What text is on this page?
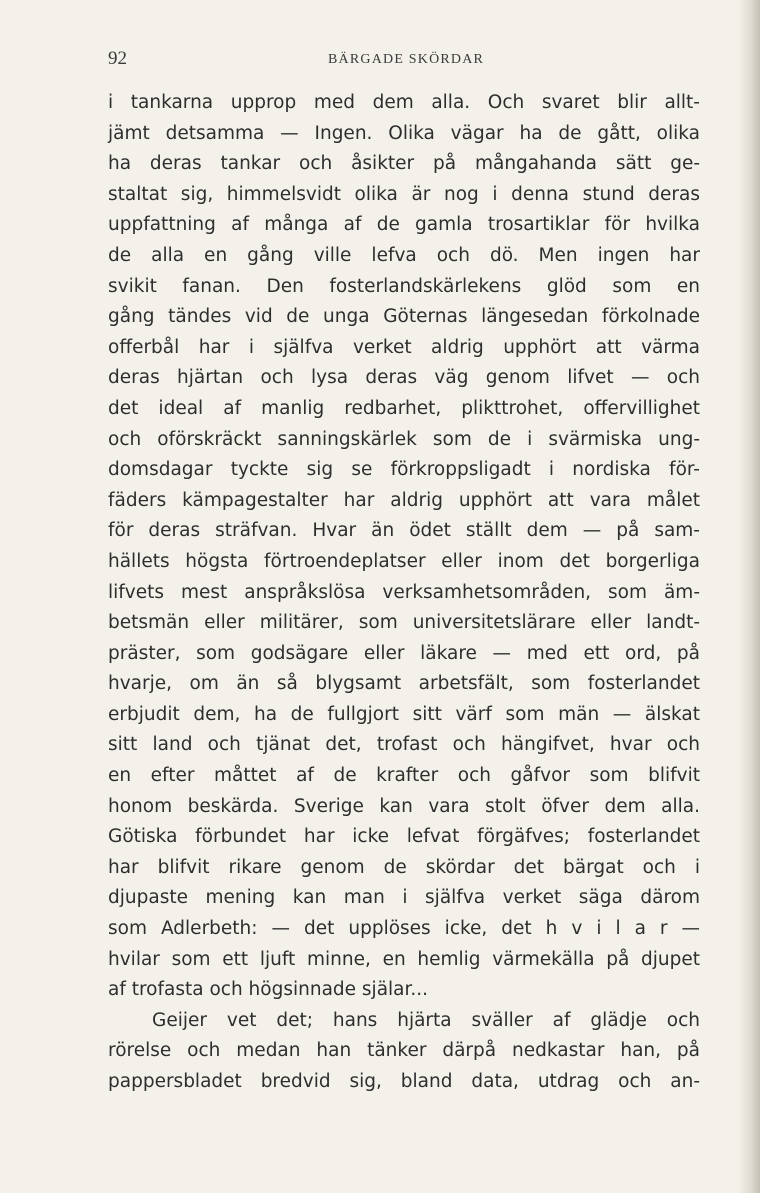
92	BÄRGADE SKÖRDAR
i tankarna upprop med dem alla. Och svaret blir allt-
jämt detsamma — Ingen. Olika vägar ha de gått, olika
ha deras tankar och åsikter på mångahanda sätt ge-
staltat sig, himmelsvidt olika är nog i denna stund deras
uppfattning af många af de gamla trosartiklar för hvilka
de alla en gång ville lefva och dö. Men ingen har
svikit fanan. Den fosterlandskärlekens glöd som en
gång tändes vid de unga Göternas längesedan förkolnade
offerbål har i själfva verket aldrig upphört att värma
deras hjärtan och lysa deras väg genom lifvet — och
det ideal af manlig redbarhet, plikttrohet, offervillighet
och oförskräckt sanningskärlek som de i svärmiska ung-
domsdagar tyckte sig se förkroppsligadt i nordiska för-
fäders kämpagestalter har aldrig upphört att vara målet
för deras sträfvan. Hvar än ödet ställt dem — på sam-
hällets högsta förtroendeplatser eller inom det borgerliga
lifvets mest anspråkslösa verksamhetsområden, som äm-
betsmän eller militärer, som universitetslärare eller landt-
präster, som godsägare eller läkare — med ett ord, på
hvarje, om än så blygsamt arbetsfält, som fosterlandet
erbjudit dem, ha de fullgjort sitt värf som män — älskat
sitt land och tjänat det, trofast och hängifvet, hvar och
en efter måttet af de krafter och gåfvor som blifvit
honom beskärda. Sverige kan vara stolt öfver dem alla.
Götiska förbundet har icke lefvat förgäfves; fosterlandet
har blifvit rikare genom de skördar det bärgat och i
djupaste mening kan man i själfva verket säga därom
som Adlerbeth: — det upplöses icke, det h v i l a r —
hvilar som ett ljuft minne, en hemlig värmekälla på djupet
af trofasta och högsinnade själar...
Geijer vet det; hans hjärta sväller af glädje och
rörelse och medan han tänker därpå nedkastar han, på
pappersbladet bredvid sig, bland data, utdrag och an-
